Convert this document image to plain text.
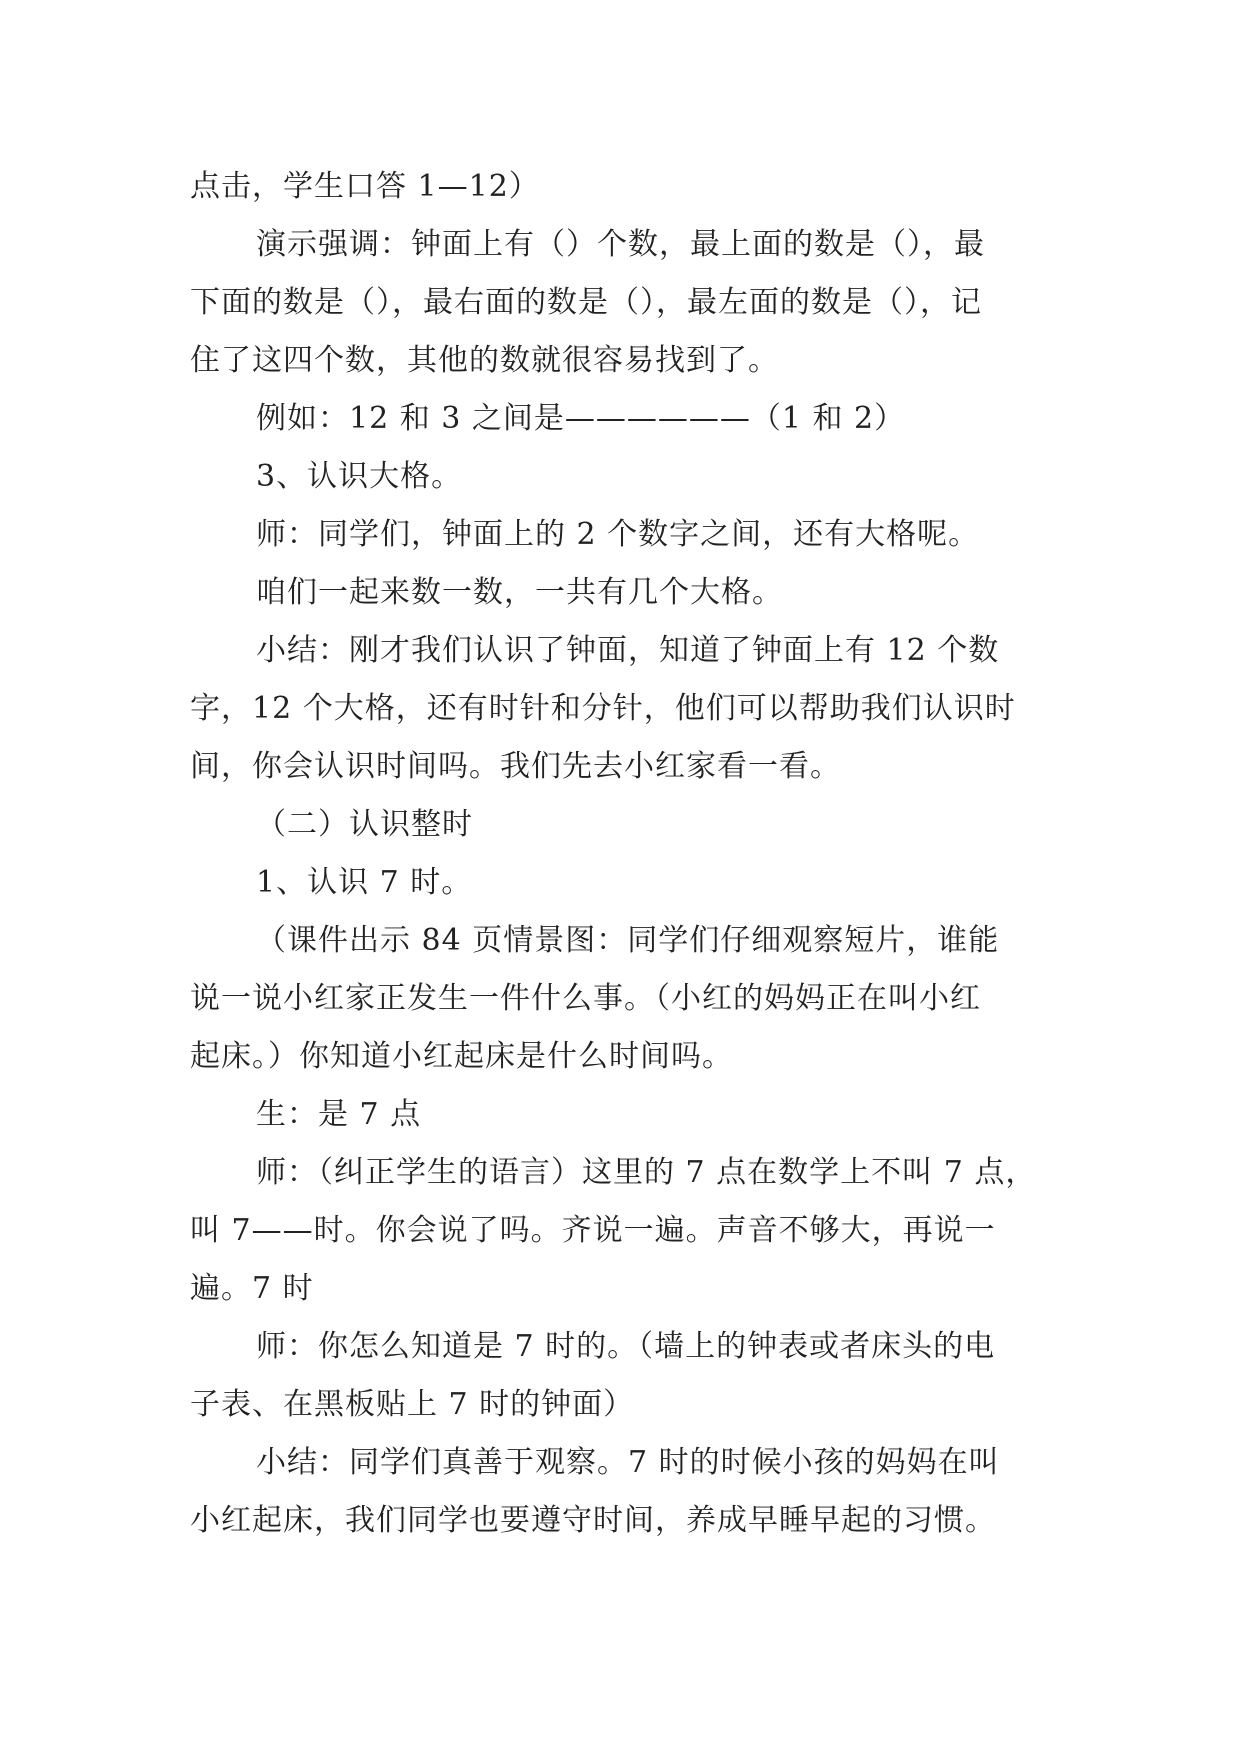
点击，学生口答 1—12）

演示强调：钟面上有（）个数，最上面的数是（），最
下面的数是（），最右面的数是（），最左面的数是（），记
住了这四个数，其他的数就很容易找到了。

例如：12 和 3 之间是——————（1 和 2）

3、认识大格。

师：同学们，钟面上的 2 个数字之间，还有大格呢。

咱们一起来数一数，一共有几个大格。

小结：刚才我们认识了钟面，知道了钟面上有 12 个数
字，12 个大格，还有时针和分针，他们可以帮助我们认识时
间，你会认识时间吗。我们先去小红家看一看。

（二）认识整时

1、认识 7 时。

（课件出示 84 页情景图：同学们仔细观察短片，谁能
说一说小红家正发生一件什么事。（小红的妈妈正在叫小红
起床。）你知道小红起床是什么时间吗。

生：是 7 点

师：（纠正学生的语言）这里的 7 点在数学上不叫 7 点，
叫 7——时。你会说了吗。齐说一遍。声音不够大，再说一
遍。7 时

师：你怎么知道是 7 时的。（墙上的钟表或者床头的电
子表、在黑板贴上 7 时的钟面）

小结：同学们真善于观察。7 时的时候小孩的妈妈在叫
小红起床，我们同学也要遵守时间，养成早睡早起的习惯。
